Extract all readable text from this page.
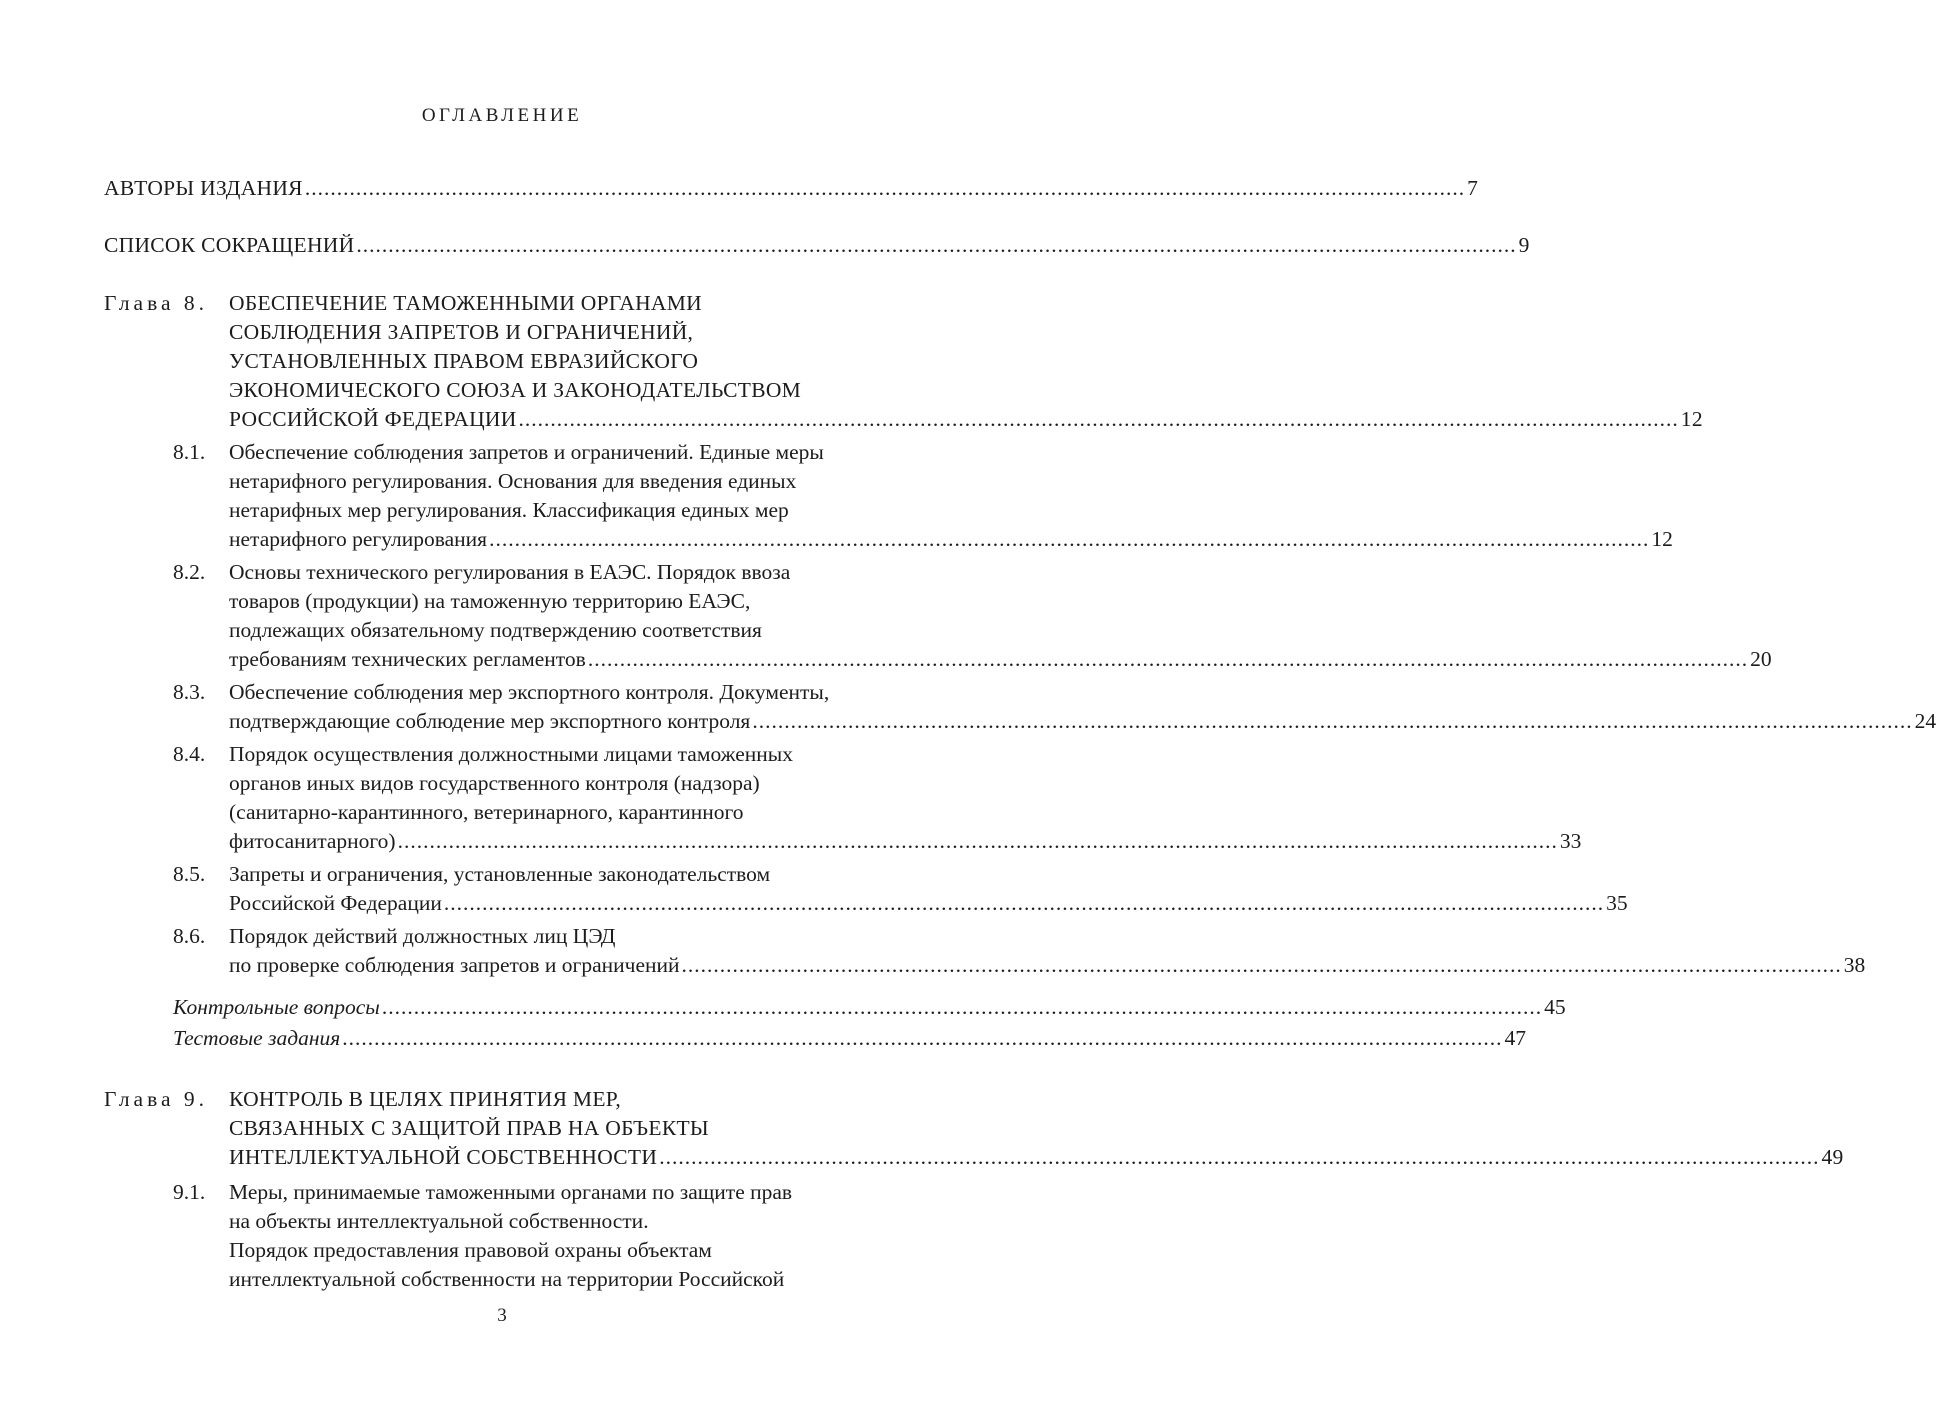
ОГЛАВЛЕНИЕ
АВТОРЫ ИЗДАНИЯ ...................................................................................................................................................................................... 7
СПИСОК СОКРАЩЕНИЙ ...................................................................................................................................................................................... 9
Глава 8. ОБЕСПЕЧЕНИЕ ТАМОЖЕННЫМИ ОРГАНАМИ
СОБЛЮДЕНИЯ ЗАПРЕТОВ И ОГРАНИЧЕНИЙ,
УСТАНОВЛЕННЫХ ПРАВОМ ЕВРАЗИЙСКОГО
ЭКОНОМИЧЕСКОГО СОЮЗА И ЗАКОНОДАТЕЛЬСТВОМ
РОССИЙСКОЙ ФЕДЕРАЦИИ ...................................................................................................................................................................................... 12
8.1.	Обеспечение соблюдения запретов и ограничений. Единые меры
нетарифного регулирования. Основания для введения единых
нетарифных мер регулирования. Классификация единых мер
нетарифного регулирования ...................................................................................................................................................................................... 12
8.2.	Основы технического регулирования в ЕАЭС. Порядок ввоза
товаров (продукции) на таможенную территорию ЕАЭС,
подлежащих обязательному подтверждению соответствия
требованиям технических регламентов ...................................................................................................................................................................................... 20
8.3.	Обеспечение соблюдения мер экспортного контроля. Документы,
подтверждающие соблюдение мер экспортного контроля ...................................................................................................................................................................................... 24
8.4.	Порядок осуществления должностными лицами таможенных
органов иных видов государственного контроля (надзора)
(санитарно-карантинного, ветеринарного, карантинного
фитосанитарного) ...................................................................................................................................................................................... 33
8.5.	Запреты и ограничения, установленные законодательством
Российской Федерации ...................................................................................................................................................................................... 35
8.6.	Порядок действий должностных лиц ЦЭД
по проверке соблюдения запретов и ограничений ...................................................................................................................................................................................... 38
Контрольные вопросы ...................................................................................................................................................................................... 45
Тестовые задания ...................................................................................................................................................................................... 47
Глава 9. КОНТРОЛЬ В ЦЕЛЯХ ПРИНЯТИЯ МЕР,
СВЯЗАННЫХ С ЗАЩИТОЙ ПРАВ НА ОБЪЕКТЫ
ИНТЕЛЛЕКТУАЛЬНОЙ СОБСТВЕННОСТИ ...................................................................................................................................................................................... 49
9.1.	Меры, принимаемые таможенными органами по защите прав
на объекты интеллектуальной собственности.
Порядок предоставления правовой охраны объектам
интеллектуальной собственности на территории Российской
3
